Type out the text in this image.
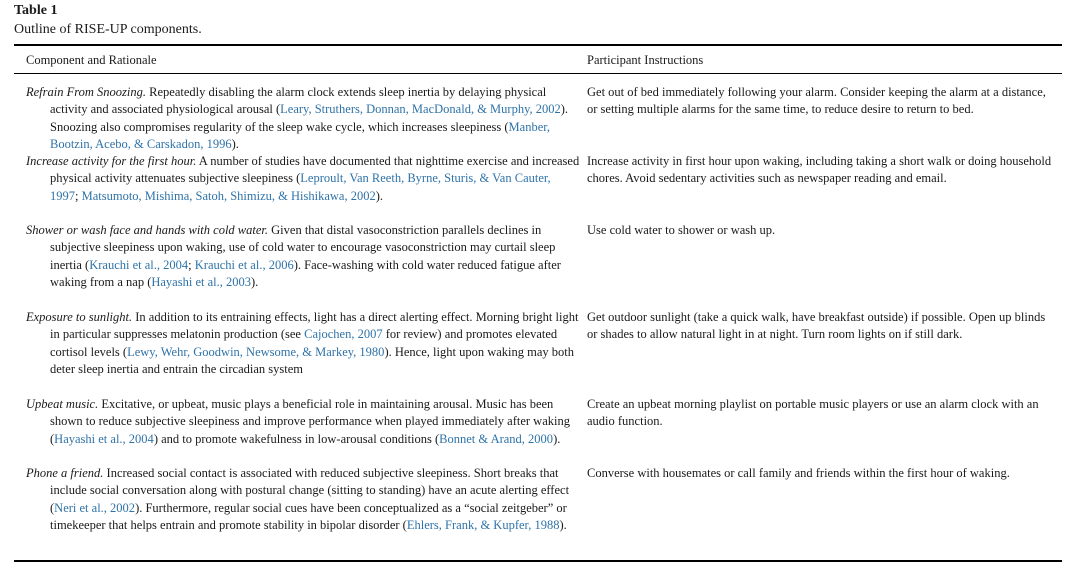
Table 1
Outline of RISE-UP components.
Component and Rationale	Participant Instructions
Refrain From Snoozing. Repeatedly disabling the alarm clock extends sleep inertia by delaying physical activity and associated physiological arousal (Leary, Struthers, Donnan, MacDonald, & Murphy, 2002). Snoozing also compromises regularity of the sleep wake cycle, which increases sleepiness (Manber, Bootzin, Acebo, & Carskadon, 1996).
Get out of bed immediately following your alarm. Consider keeping the alarm at a distance, or setting multiple alarms for the same time, to reduce desire to return to bed.
Increase activity for the first hour. A number of studies have documented that nighttime exercise and increased physical activity attenuates subjective sleepiness (Leproult, Van Reeth, Byrne, Sturis, & Van Cauter, 1997; Matsumoto, Mishima, Satoh, Shimizu, & Hishikawa, 2002).
Increase activity in first hour upon waking, including taking a short walk or doing household chores. Avoid sedentary activities such as newspaper reading and email.
Shower or wash face and hands with cold water. Given that distal vasoconstriction parallels declines in subjective sleepiness upon waking, use of cold water to encourage vasoconstriction may curtail sleep inertia (Krauchi et al., 2004; Krauchi et al., 2006). Face-washing with cold water reduced fatigue after waking from a nap (Hayashi et al., 2003).
Use cold water to shower or wash up.
Exposure to sunlight. In addition to its entraining effects, light has a direct alerting effect. Morning bright light in particular suppresses melatonin production (see Cajochen, 2007 for review) and promotes elevated cortisol levels (Lewy, Wehr, Goodwin, Newsome, & Markey, 1980). Hence, light upon waking may both deter sleep inertia and entrain the circadian system
Get outdoor sunlight (take a quick walk, have breakfast outside) if possible. Open up blinds or shades to allow natural light in at night. Turn room lights on if still dark.
Upbeat music. Excitative, or upbeat, music plays a beneficial role in maintaining arousal. Music has been shown to reduce subjective sleepiness and improve performance when played immediately after waking (Hayashi et al., 2004) and to promote wakefulness in low-arousal conditions (Bonnet & Arand, 2000).
Create an upbeat morning playlist on portable music players or use an alarm clock with an audio function.
Phone a friend. Increased social contact is associated with reduced subjective sleepiness. Short breaks that include social conversation along with postural change (sitting to standing) have an acute alerting effect (Neri et al., 2002). Furthermore, regular social cues have been conceptualized as a “social zeitgeber” or timekeeper that helps entrain and promote stability in bipolar disorder (Ehlers, Frank, & Kupfer, 1988).
Converse with housemates or call family and friends within the first hour of waking.
